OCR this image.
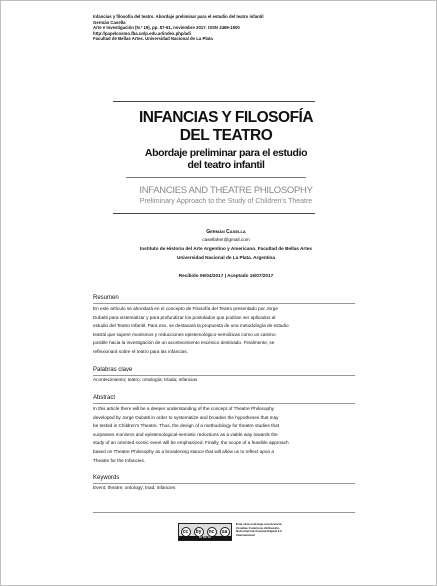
Infancias y filosofía del teatro. Abordaje preliminar para el estudio del teatro infantil
Germán Casella
Arte e Investigación (N.º 19), pp. 57-61, noviembre 2017. ISSN 2469-1500
http://papelcosmo.fba.unlp.edu.ar/index.php/adi
Facultad de Bellas Artes. Universidad Nacional de La Plata
INFANCIAS Y FILOSOFÍA
DEL TEATRO
Abordaje preliminar para el estudio
del teatro infantil
INFANCIES AND THEATRE PHILOSOPHY
Preliminary Approach to the Study of Children's Theatre
Germán Casella
casellaher@gmail.com
Instituto de Historia del Arte Argentino y Americano. Facultad de Bellas Artes
Universidad Nacional de La Plata. Argentina
Recibido 06/04/2017 | Aceptado 16/07/2017
Resumen
En este artículo se ahondará en el concepto de Filosofía del Teatro presentado por Jorge
Dubatti para sistematizar y para profundizar los postulados que podrían ser aplicados al
estudio del Teatro Infantil. Para eso, se destacará la propuesta de una metodología de estudio
teatral que supere monismos y reducciones epistemológico-semióticas como un camino
posible hacia la investigación de un acontecimiento escénico destinado. Finalmente, se
reflexionará sobre el teatro para las infancias.
Palabras clave
Acontecimiento; teatro; ontología; tríada; infancias
Abstract
In this article there will be a deeper understanding of the concept of Theatre Philosophy
developed by Jorge Dubatti in order to systematize and broaden the hypotheses that may
be tested in Children's Theatre. Thus, the design of a methodology for theatre studies that
surpasses monisms and epistemological-semiotic reductions as a viable way towards the
study of an oriented scenic event will be emphasized. Finally, the scope of a feasible approach
based on Theatre Philosophy as a broadening stance that will allow us to reflect upon a
Theatre for the Infancies.
Keywords
Event; theatre; ontology; triad; infancies
cc	by	nc	sa
BY NC SA
Esta obra está bajo una licencia
Creative Commons Atribución-
NoComercial-CompartirIgual 4.0
Internacional
